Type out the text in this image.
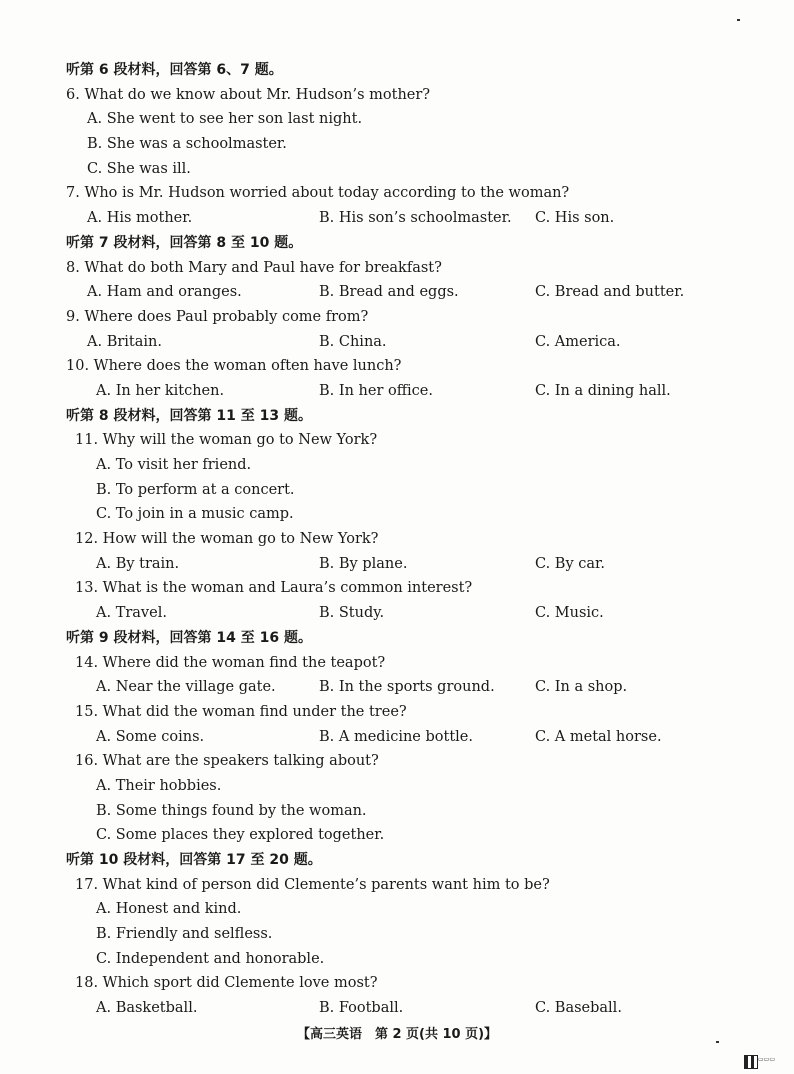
听第 6 段材料，回答第 6、7 题。
6. What do we know about Mr. Hudson’s mother?
A. She went to see her son last night.
B. She was a schoolmaster.
C. She was ill.
7. Who is Mr. Hudson worried about today according to the woman?
A. His mother.	B. His son’s schoolmaster.	C. His son.
听第 7 段材料，回答第 8 至 10 题。
8. What do both Mary and Paul have for breakfast?
A. Ham and oranges.	B. Bread and eggs.	C. Bread and butter.
9. Where does Paul probably come from?
A. Britain.	B. China.	C. America.
10. Where does the woman often have lunch?
A. In her kitchen.	B. In her office.	C. In a dining hall.
听第 8 段材料，回答第 11 至 13 题。
11. Why will the woman go to New York?
A. To visit her friend.
B. To perform at a concert.
C. To join in a music camp.
12. How will the woman go to New York?
A. By train.	B. By plane.	C. By car.
13. What is the woman and Laura’s common interest?
A. Travel.	B. Study.	C. Music.
听第 9 段材料，回答第 14 至 16 题。
14. Where did the woman find the teapot?
A. Near the village gate.	B. In the sports ground.	C. In a shop.
15. What did the woman find under the tree?
A. Some coins.	B. A medicine bottle.	C. A metal horse.
16. What are the speakers talking about?
A. Their hobbies.
B. Some things found by the woman.
C. Some places they explored together.
听第 10 段材料，回答第 17 至 20 题。
17. What kind of person did Clemente’s parents want him to be?
A. Honest and kind.
B. Friendly and selfless.
C. Independent and honorable.
18. Which sport did Clemente love most?
A. Basketball.	B. Football.	C. Baseball.
【高三英语　第 2 页(共 10 页)】
▭▭▭
